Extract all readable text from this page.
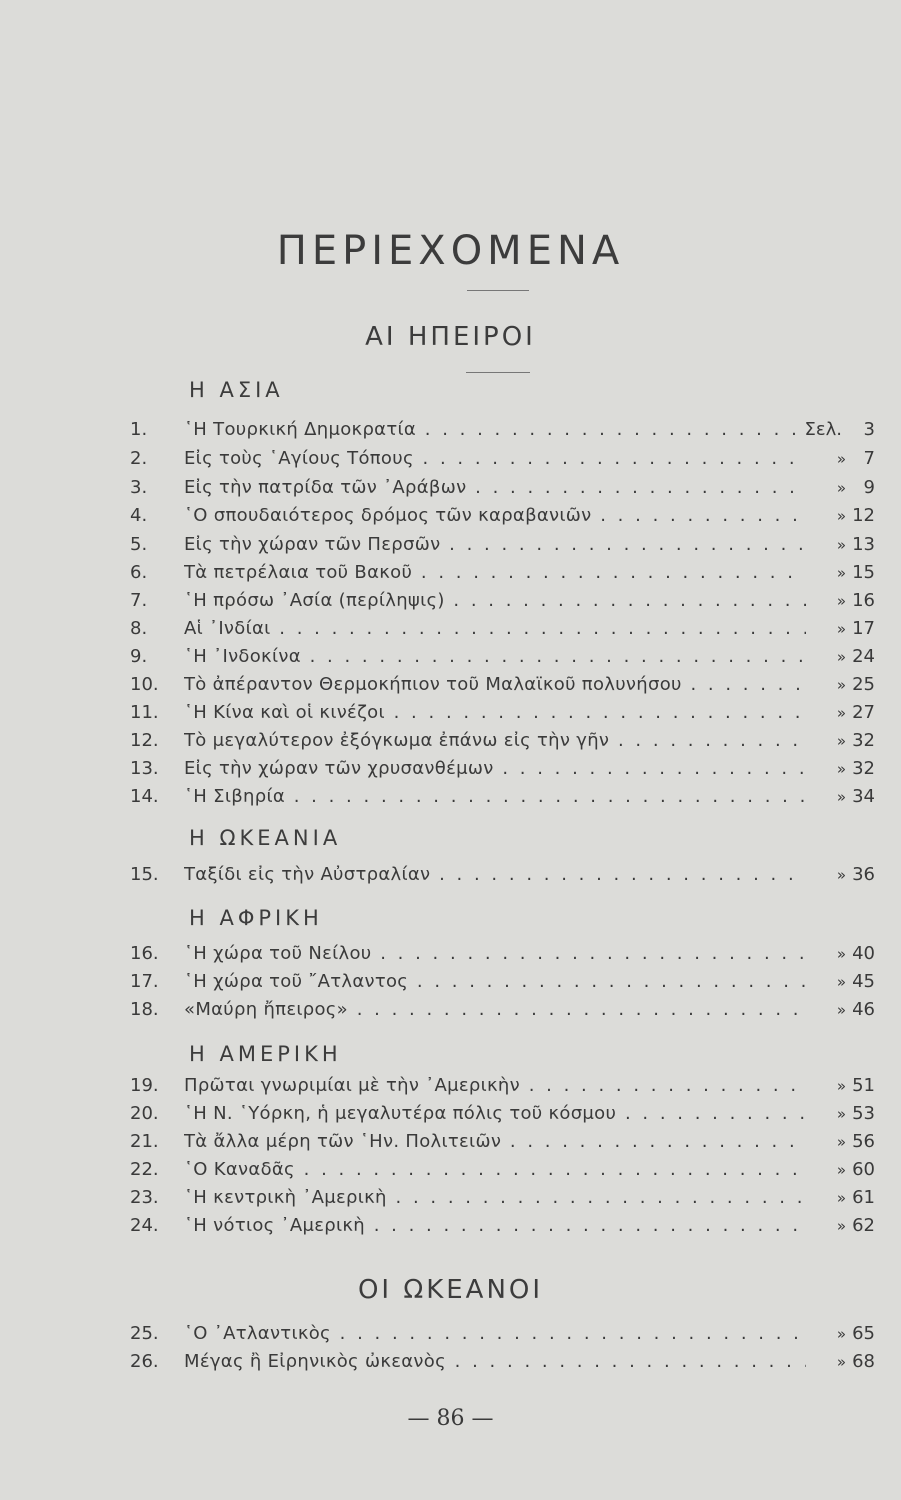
ΠΕΡΙΕΧΟΜΕΝΑ
ΑΙ ΗΠΕΙΡΟΙ
Η ΑΣΙΑ
1.	῾Η Τουρκική Δημοκρατία . . .	Σελ.	3
2.	Εἰς τοὺς ῾Αγίους Τόπους . . .	» 7
3.	Εἰς τὴν πατρίδα τῶν ᾿Αράβων . . .	» 9
4.	῾Ο σπουδαιότερος δρόμος τῶν καραβανιῶν . . .	» 12
5.	Εἰς τὴν χώραν τῶν Περσῶν . . .	» 13
6.	Τὰ πετρέλαια τοῦ Βακοῦ . . .	» 15
7.	῾Η πρόσω ᾿Ασία (περίληψις) . . .	» 16
8.	Αἱ ᾿Ινδίαι . . .	» 17
9.	῾Η ᾿Ινδοκίνα . . .	» 24
10.	Τὸ ἀπέραντον Θερμοκήπιον τοῦ Μαλαϊκοῦ πολυνήσου . . .	» 25
11.	῾Η Κίνα καὶ οἱ κινέζοι . . .	» 27
12.	Τὸ μεγαλύτερον ἐξόγκωμα ἐπάνω εἰς τὴν γῆν . . .	» 32
13.	Εἰς τὴν χώραν τῶν χρυσανθέμων . . .	» 32
14.	῾Η Σιβηρία . . .	» 34
Η ΩΚΕΑΝΙΑ
15.	Ταξίδι εἰς τὴν Αὐστραλίαν . . .	» 36
Η ΑΦΡΙΚΗ
16.	῾Η χώρα τοῦ Νείλου . . .	» 40
17.	῾Η χώρα τοῦ ῎Ατλαντος . . .	» 45
18.	«Μαύρη ἤπειρος» . . .	» 46
Η ΑΜΕΡΙΚΗ
19.	Πρῶται γνωριμίαι μὲ τὴν ᾿Αμερικὴν . . .	» 51
20.	῾Η Ν. ῾Υόρκη, ἡ μεγαλυτέρα πόλις τοῦ κόσμου . . .	» 53
21.	Τὰ ἄλλα μέρη τῶν ῾Ην. Πολιτειῶν . . .	» 56
22.	῾Ο Καναδᾶς . . .	» 60
23.	῾Η κεντρικὴ ᾿Αμερικὴ . . .	» 61
24.	῾Η νότιος ᾿Αμερικὴ . . .	» 62
ΟΙ ΩΚΕΑΝΟΙ
25.	῾Ο ᾿Ατλαντικὸς . . .	» 65
26.	Μέγας ἢ Εἰρηνικὸς ὠκεανὸς . . .	» 68
— 86 —
